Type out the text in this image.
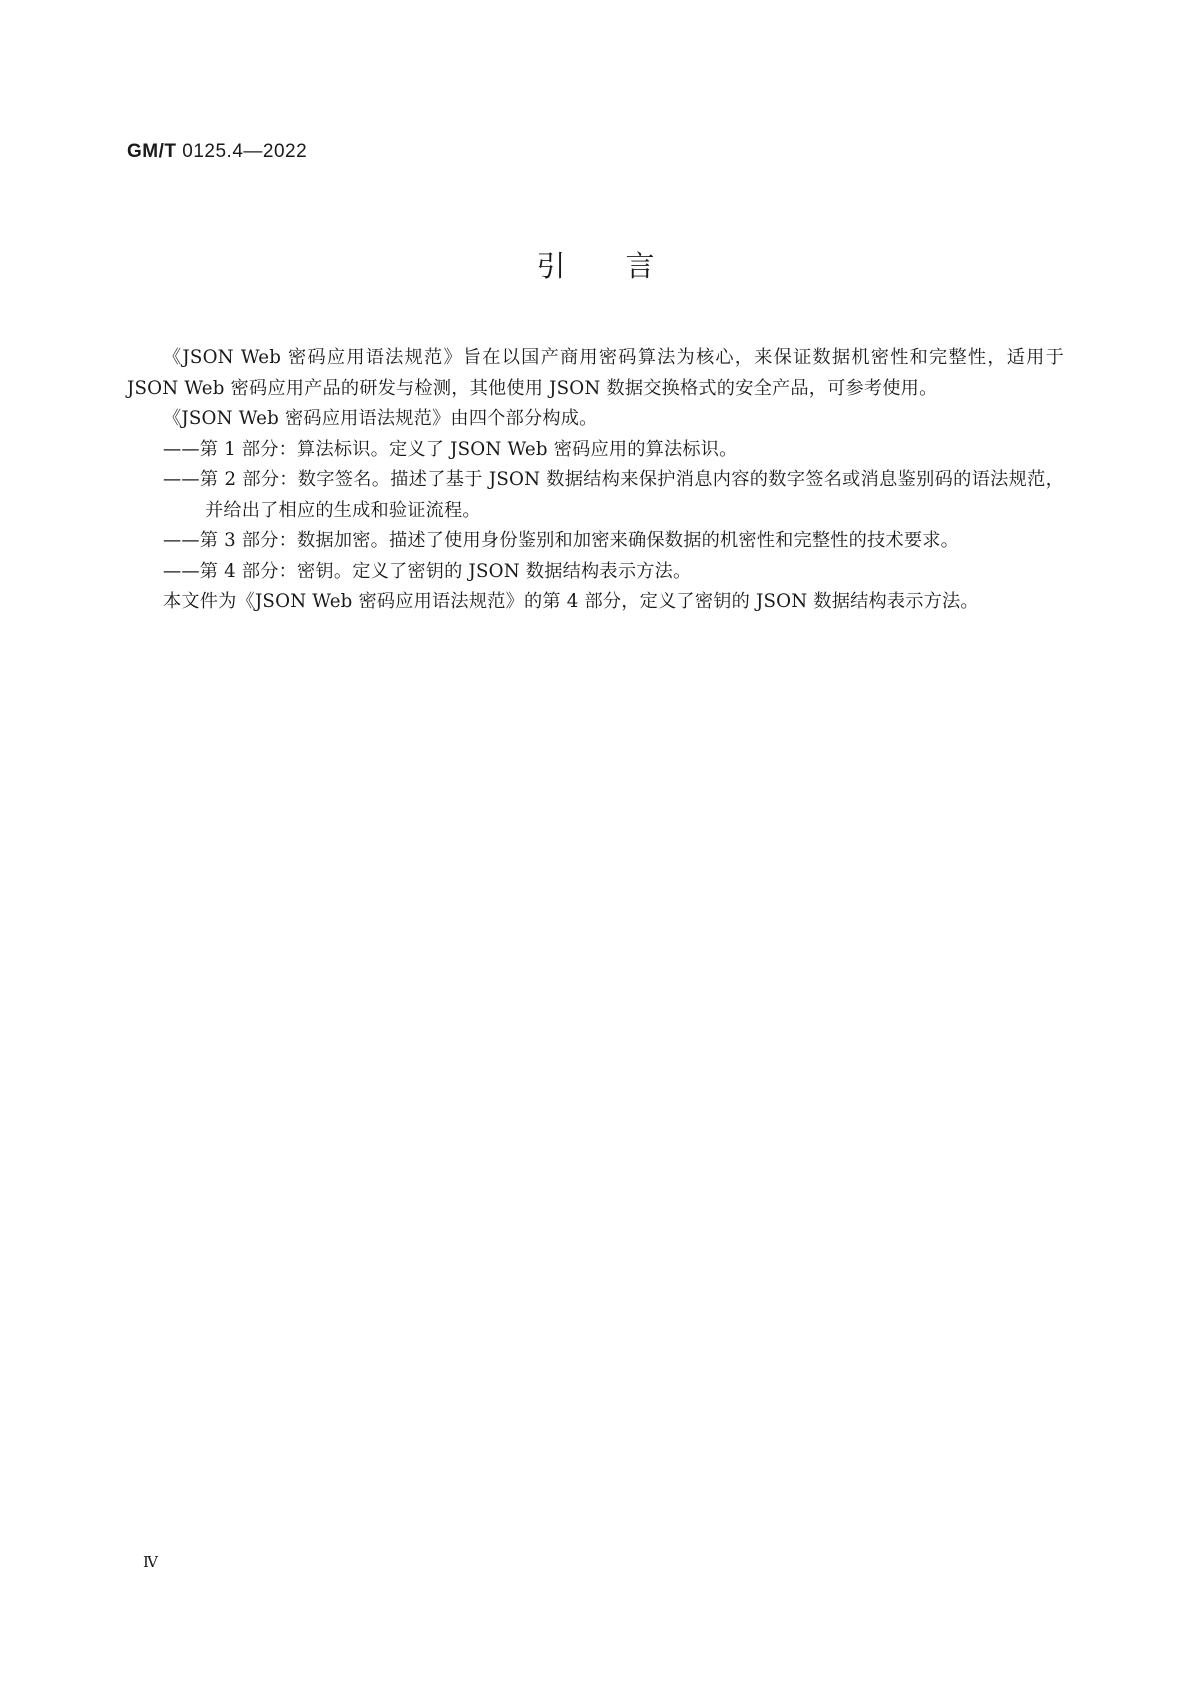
GM/T 0125.4—2022

引 言

《JSON Web 密码应用语法规范》旨在以国产商用密码算法为核心，来保证数据机密性和完整性，适用于 JSON Web 密码应用产品的研发与检测，其他使用 JSON 数据交换格式的安全产品，可参考使用。

《JSON Web 密码应用语法规范》由四个部分构成。

——第 1 部分：算法标识。定义了 JSON Web 密码应用的算法标识。
——第 2 部分：数字签名。描述了基于 JSON 数据结构来保护消息内容的数字签名或消息鉴别码的语法规范，并给出了相应的生成和验证流程。
——第 3 部分：数据加密。描述了使用身份鉴别和加密来确保数据的机密性和完整性的技术要求。
——第 4 部分：密钥。定义了密钥的 JSON 数据结构表示方法。

本文件为《JSON Web 密码应用语法规范》的第 4 部分，定义了密钥的 JSON 数据结构表示方法。

Ⅳ
